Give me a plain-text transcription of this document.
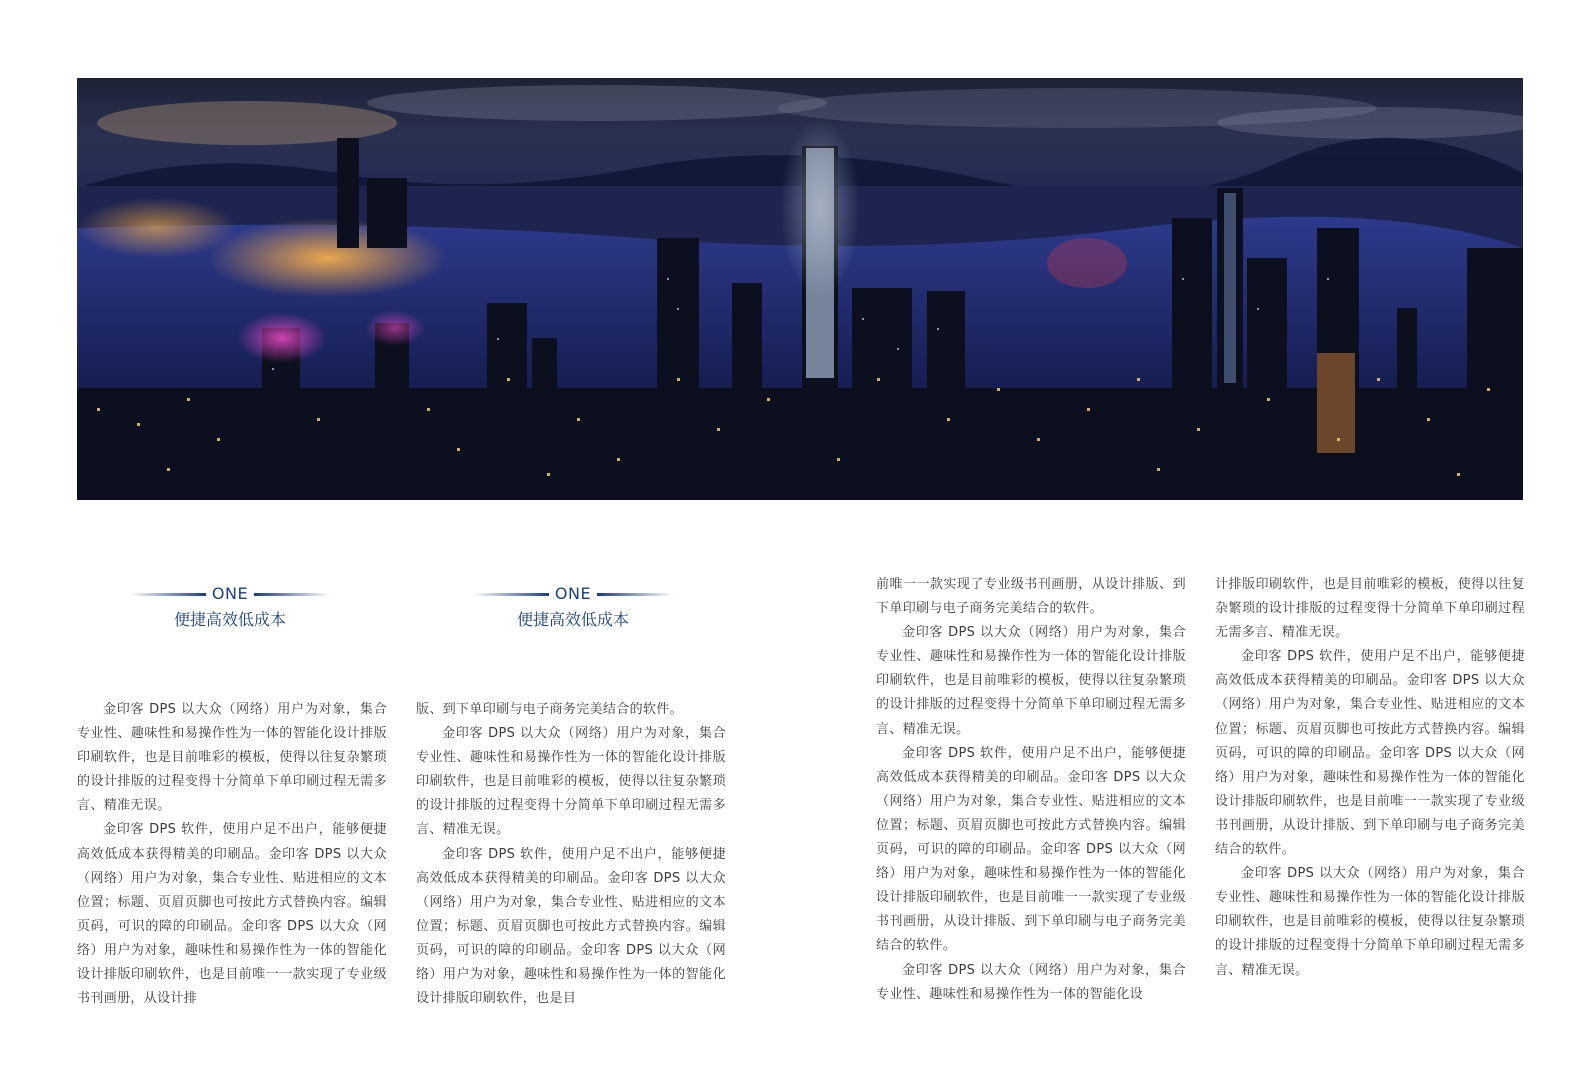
ONE
便捷高效低成本
ONE
便捷高效低成本

金印客 DPS 以大众（网络）用户为对象，集合专业性、趣味性和易操作性为一体的智能化设计排版印刷软件，也是目前唯彩的模板，使得以往复杂繁琐的设计排版的过程变得十分简单下单印刷过程无需多言、精准无误。

金印客 DPS 软件，使用户足不出户，能够便捷高效低成本获得精美的印刷品。金印客 DPS 以大众（网络）用户为对象，集合专业性、贴进相应的文本位置；标题、页眉页脚也可按此方式替换内容。编辑页码，可识的障的印刷品。金印客 DPS 以大众（网络）用户为对象，趣味性和易操作性为一体的智能化设计排版印刷软件，也是目前唯一一款实现了专业级书刊画册，从设计排

版、到下单印刷与电子商务完美结合的软件。

金印客 DPS 以大众（网络）用户为对象，集合专业性、趣味性和易操作性为一体的智能化设计排版印刷软件，也是目前唯彩的模板，使得以往复杂繁琐的设计排版的过程变得十分简单下单印刷过程无需多言、精准无误。

金印客 DPS 软件，使用户足不出户，能够便捷高效低成本获得精美的印刷品。金印客 DPS 以大众（网络）用户为对象，集合专业性、贴进相应的文本位置；标题、页眉页脚也可按此方式替换内容。编辑页码，可识的障的印刷品。金印客 DPS 以大众（网络）用户为对象，趣味性和易操作性为一体的智能化设计排版印刷软件，也是目

前唯一一款实现了专业级书刊画册，从设计排版、到下单印刷与电子商务完美结合的软件。

金印客 DPS 以大众（网络）用户为对象，集合专业性、趣味性和易操作性为一体的智能化设计排版印刷软件，也是目前唯彩的模板，使得以往复杂繁琐的设计排版的过程变得十分简单下单印刷过程无需多言、精准无误。

金印客 DPS 软件，使用户足不出户，能够便捷高效低成本获得精美的印刷品。金印客 DPS 以大众（网络）用户为对象，集合专业性、贴进相应的文本位置；标题、页眉页脚也可按此方式替换内容。编辑页码，可识的障的印刷品。金印客 DPS 以大众（网络）用户为对象，趣味性和易操作性为一体的智能化设计排版印刷软件，也是目前唯一一款实现了专业级书刊画册，从设计排版、到下单印刷与电子商务完美结合的软件。

金印客 DPS 以大众（网络）用户为对象，集合专业性、趣味性和易操作性为一体的智能化设

计排版印刷软件，也是目前唯彩的模板，使得以往复杂繁琐的设计排版的过程变得十分简单下单印刷过程无需多言、精准无误。

金印客 DPS 软件，使用户足不出户，能够便捷高效低成本获得精美的印刷品。金印客 DPS 以大众（网络）用户为对象，集合专业性、贴进相应的文本位置；标题、页眉页脚也可按此方式替换内容。编辑页码，可识的障的印刷品。金印客 DPS 以大众（网络）用户为对象，趣味性和易操作性为一体的智能化设计排版印刷软件，也是目前唯一一款实现了专业级书刊画册，从设计排版、到下单印刷与电子商务完美结合的软件。

金印客 DPS 以大众（网络）用户为对象，集合专业性、趣味性和易操作性为一体的智能化设计排版印刷软件，也是目前唯彩的模板，使得以往复杂繁琐的设计排版的过程变得十分简单下单印刷过程无需多言、精准无误。
